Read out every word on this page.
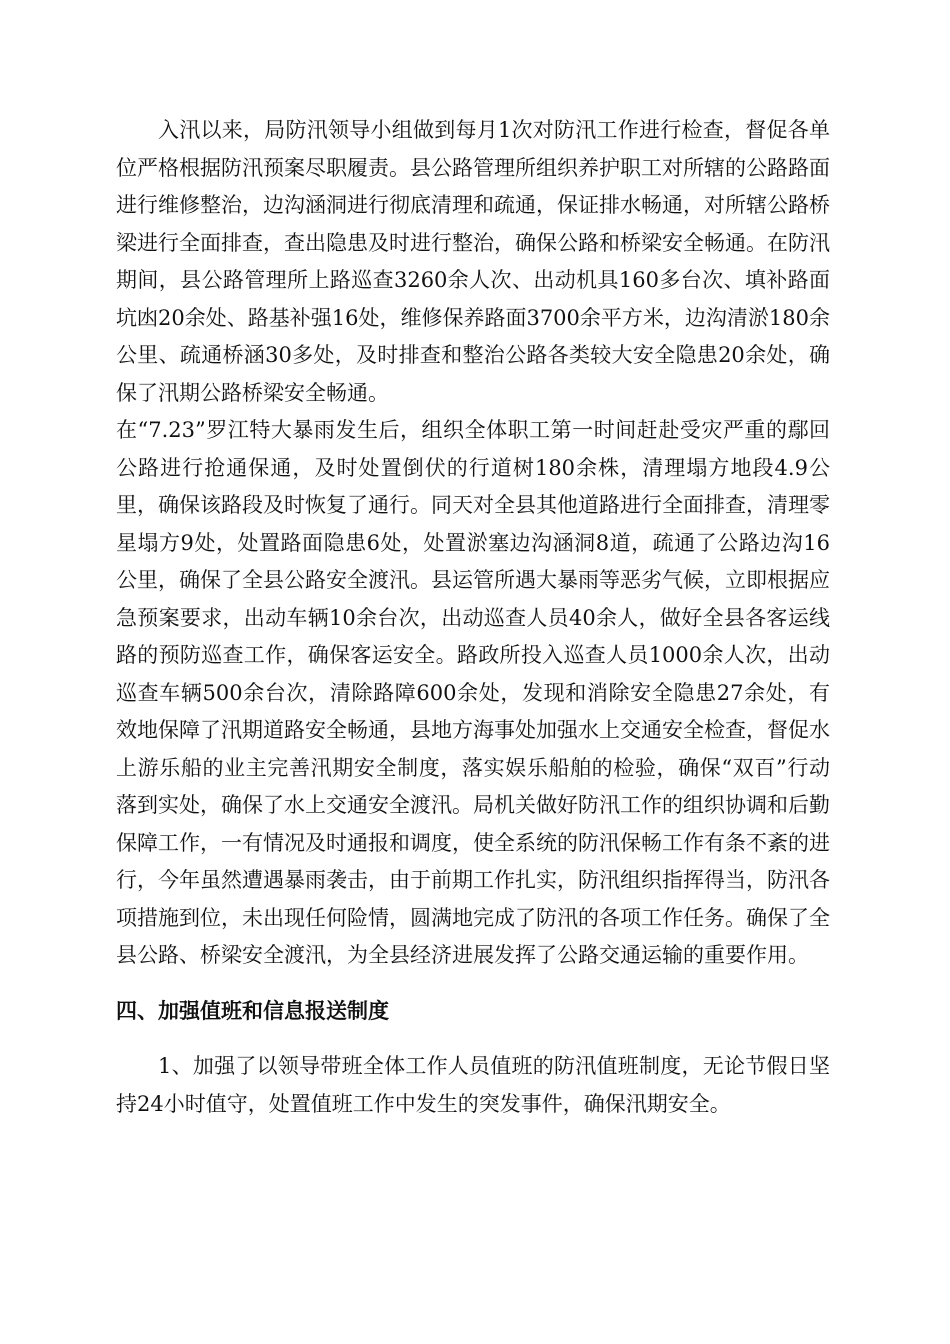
入汛以来，局防汛领导小组做到每月1次对防汛工作进行检查，督促各单位严格根据防汛预案尽职履责。县公路管理所组织养护职工对所辖的公路路面进行维修整治，边沟涵洞进行彻底清理和疏通，保证排水畅通，对所辖公路桥梁进行全面排查，查出隐患及时进行整治，确保公路和桥梁安全畅通。在防汛期间，县公路管理所上路巡查3260余人次、出动机具160多台次、填补路面坑凼20余处、路基补强16处，维修保养路面3700余平方米，边沟清淤180余公里、疏通桥涵30多处，及时排查和整治公路各类较大安全隐患20余处，确保了汛期公路桥梁安全畅通。

在“7.23”罗江特大暴雨发生后，组织全体职工第一时间赶赴受灾严重的鄢回公路进行抢通保通，及时处置倒伏的行道树180余株，清理塌方地段4.9公里，确保该路段及时恢复了通行。同天对全县其他道路进行全面排查，清理零星塌方9处，处置路面隐患6处，处置淤塞边沟涵洞8道，疏通了公路边沟16公里，确保了全县公路安全渡汛。县运管所遇大暴雨等恶劣气候，立即根据应急预案要求，出动车辆10余台次，出动巡查人员40余人，做好全县各客运线路的预防巡查工作，确保客运安全。路政所投入巡查人员1000余人次，出动巡查车辆500余台次，清除路障600余处，发现和消除安全隐患27余处，有效地保障了汛期道路安全畅通，县地方海事处加强水上交通安全检查，督促水上游乐船的业主完善汛期安全制度，落实娱乐船舶的检验，确保“双百”行动落到实处，确保了水上交通安全渡汛。局机关做好防汛工作的组织协调和后勤保障工作，一有情况及时通报和调度，使全系统的防汛保畅工作有条不紊的进行，今年虽然遭遇暴雨袭击，由于前期工作扎实，防汛组织指挥得当，防汛各项措施到位，未出现任何险情，圆满地完成了防汛的各项工作任务。确保了全县公路、桥梁安全渡汛，为全县经济进展发挥了公路交通运输的重要作用。

四、加强值班和信息报送制度

1、加强了以领导带班全体工作人员值班的防汛值班制度，无论节假日坚持24小时值守，处置值班工作中发生的突发事件，确保汛期安全。
